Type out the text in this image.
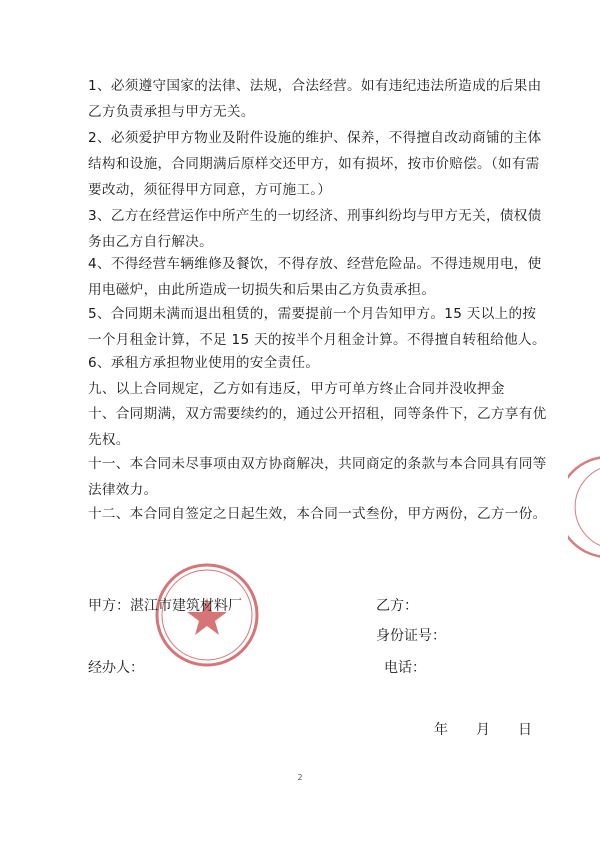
1、必须遵守国家的法律、法规，合法经营。如有违纪违法所造成的后果由乙方负责承担与甲方无关。

2、必须爱护甲方物业及附件设施的维护、保养，不得擅自改动商铺的主体结构和设施，合同期满后原样交还甲方，如有损坏，按市价赔偿。（如有需要改动，须征得甲方同意，方可施工。）

3、乙方在经营运作中所产生的一切经济、刑事纠纷均与甲方无关，债权债务由乙方自行解决。

4、不得经营车辆维修及餐饮，不得存放、经营危险品。不得违规用电，使用电磁炉，由此所造成一切损失和后果由乙方负责承担。

5、合同期未满而退出租赁的，需要提前一个月告知甲方。15 天以上的按一个月租金计算，不足 15 天的按半个月租金计算。不得擅自转租给他人。

6、承租方承担物业使用的安全责任。

九、以上合同规定，乙方如有违反，甲方可单方终止合同并没收押金

十、合同期满，双方需要续约的，通过公开招租，同等条件下，乙方享有优先权。

十一、本合同未尽事项由双方协商解决，共同商定的条款与本合同具有同等法律效力。

十二、本合同自签定之日起生效，本合同一式叁份，甲方两份，乙方一份。

甲方：湛江市建筑材料厂	乙方：

身份证号：

经办人：	电话：

年 月 日

2
